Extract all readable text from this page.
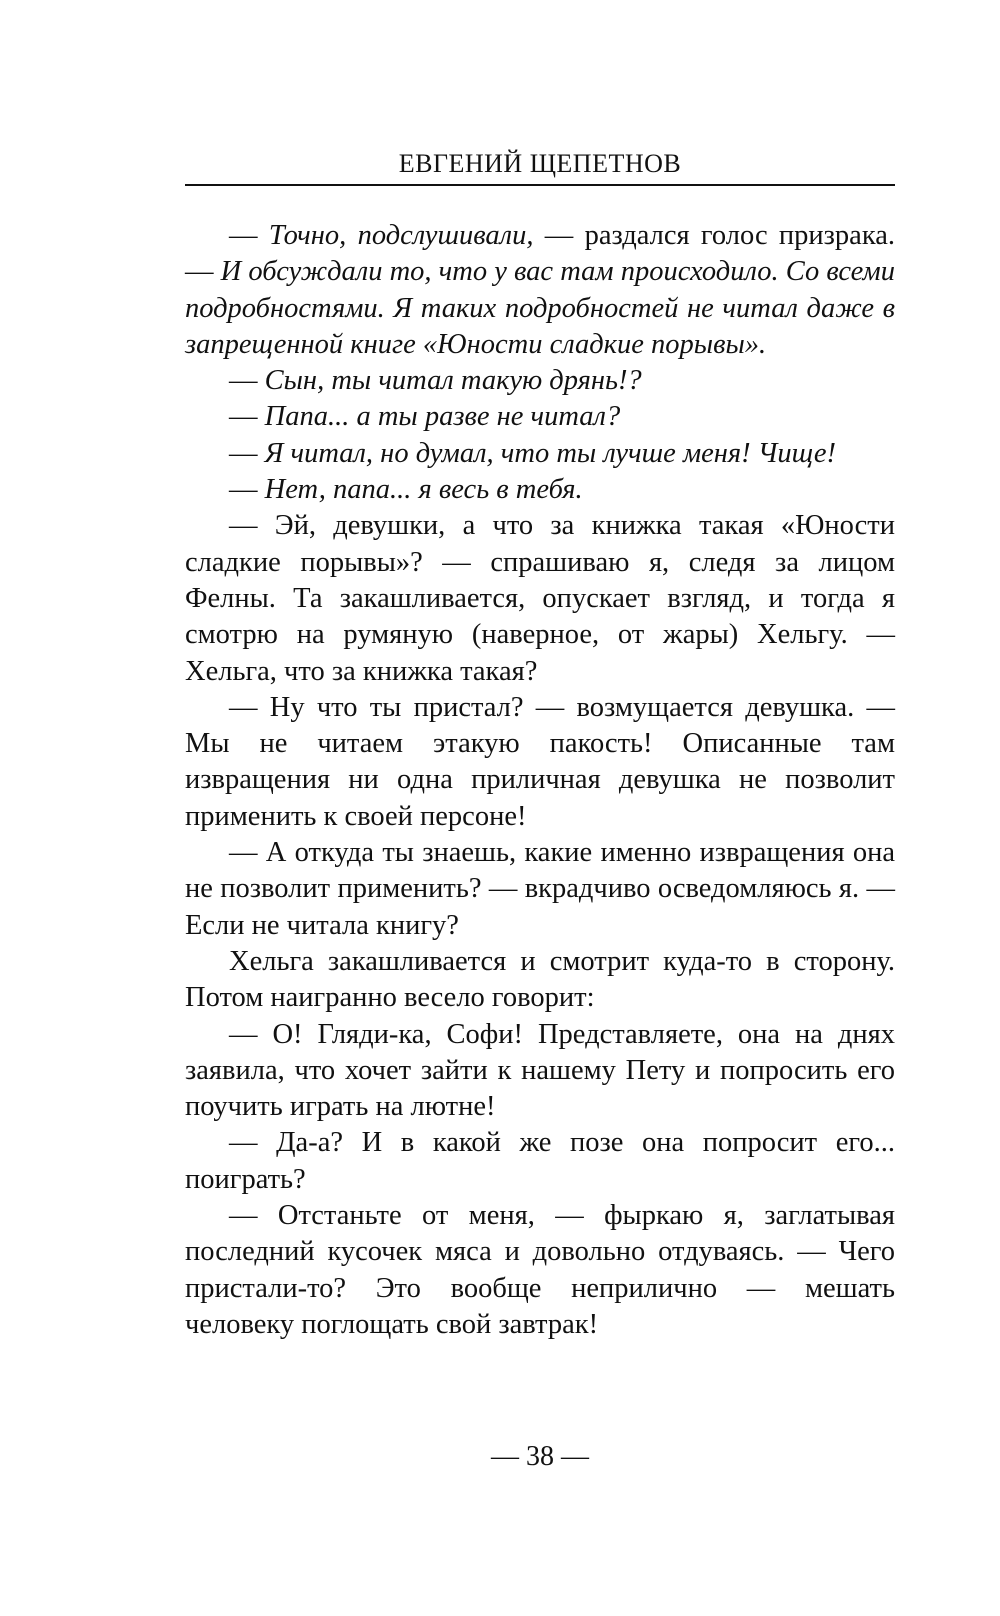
ЕВГЕНИЙ ЩЕПЕТНОВ

— Точно, подслушивали, — раздался голос призрака. — И обсуждали то, что у вас там происходило. Со всеми подробностями. Я таких подробностей не читал даже в запрещенной книге «Юности сладкие порывы».

— Сын, ты читал такую дрянь!?

— Папа... а ты разве не читал?

— Я читал, но думал, что ты лучше меня! Чище!

— Нет, папа... я весь в тебя.

— Эй, девушки, а что за книжка такая «Юности сладкие порывы»? — спрашиваю я, следя за лицом Фелны. Та закашливается, опускает взгляд, и тогда я смотрю на румяную (наверное, от жары) Хельгу. — Хельга, что за книжка такая?

— Ну что ты пристал? — возмущается девушка. — Мы не читаем этакую пакость! Описанные там извращения ни одна приличная девушка не позволит применить к своей персоне!

— А откуда ты знаешь, какие именно извращения она не позволит применить? — вкрадчиво осведомляюсь я. — Если не читала книгу?

Хельга закашливается и смотрит куда-то в сторону. Потом наигранно весело говорит:

— О! Гляди-ка, Софи! Представляете, она на днях заявила, что хочет зайти к нашему Пету и попросить его поучить играть на лютне!

— Да-а? И в какой же позе она попросит его... поиграть?

— Отстаньте от меня, — фыркаю я, заглатывая последний кусочек мяса и довольно отдуваясь. — Чего пристали-то? Это вообще неприлично — мешать человеку поглощать свой завтрак!

— 38 —
